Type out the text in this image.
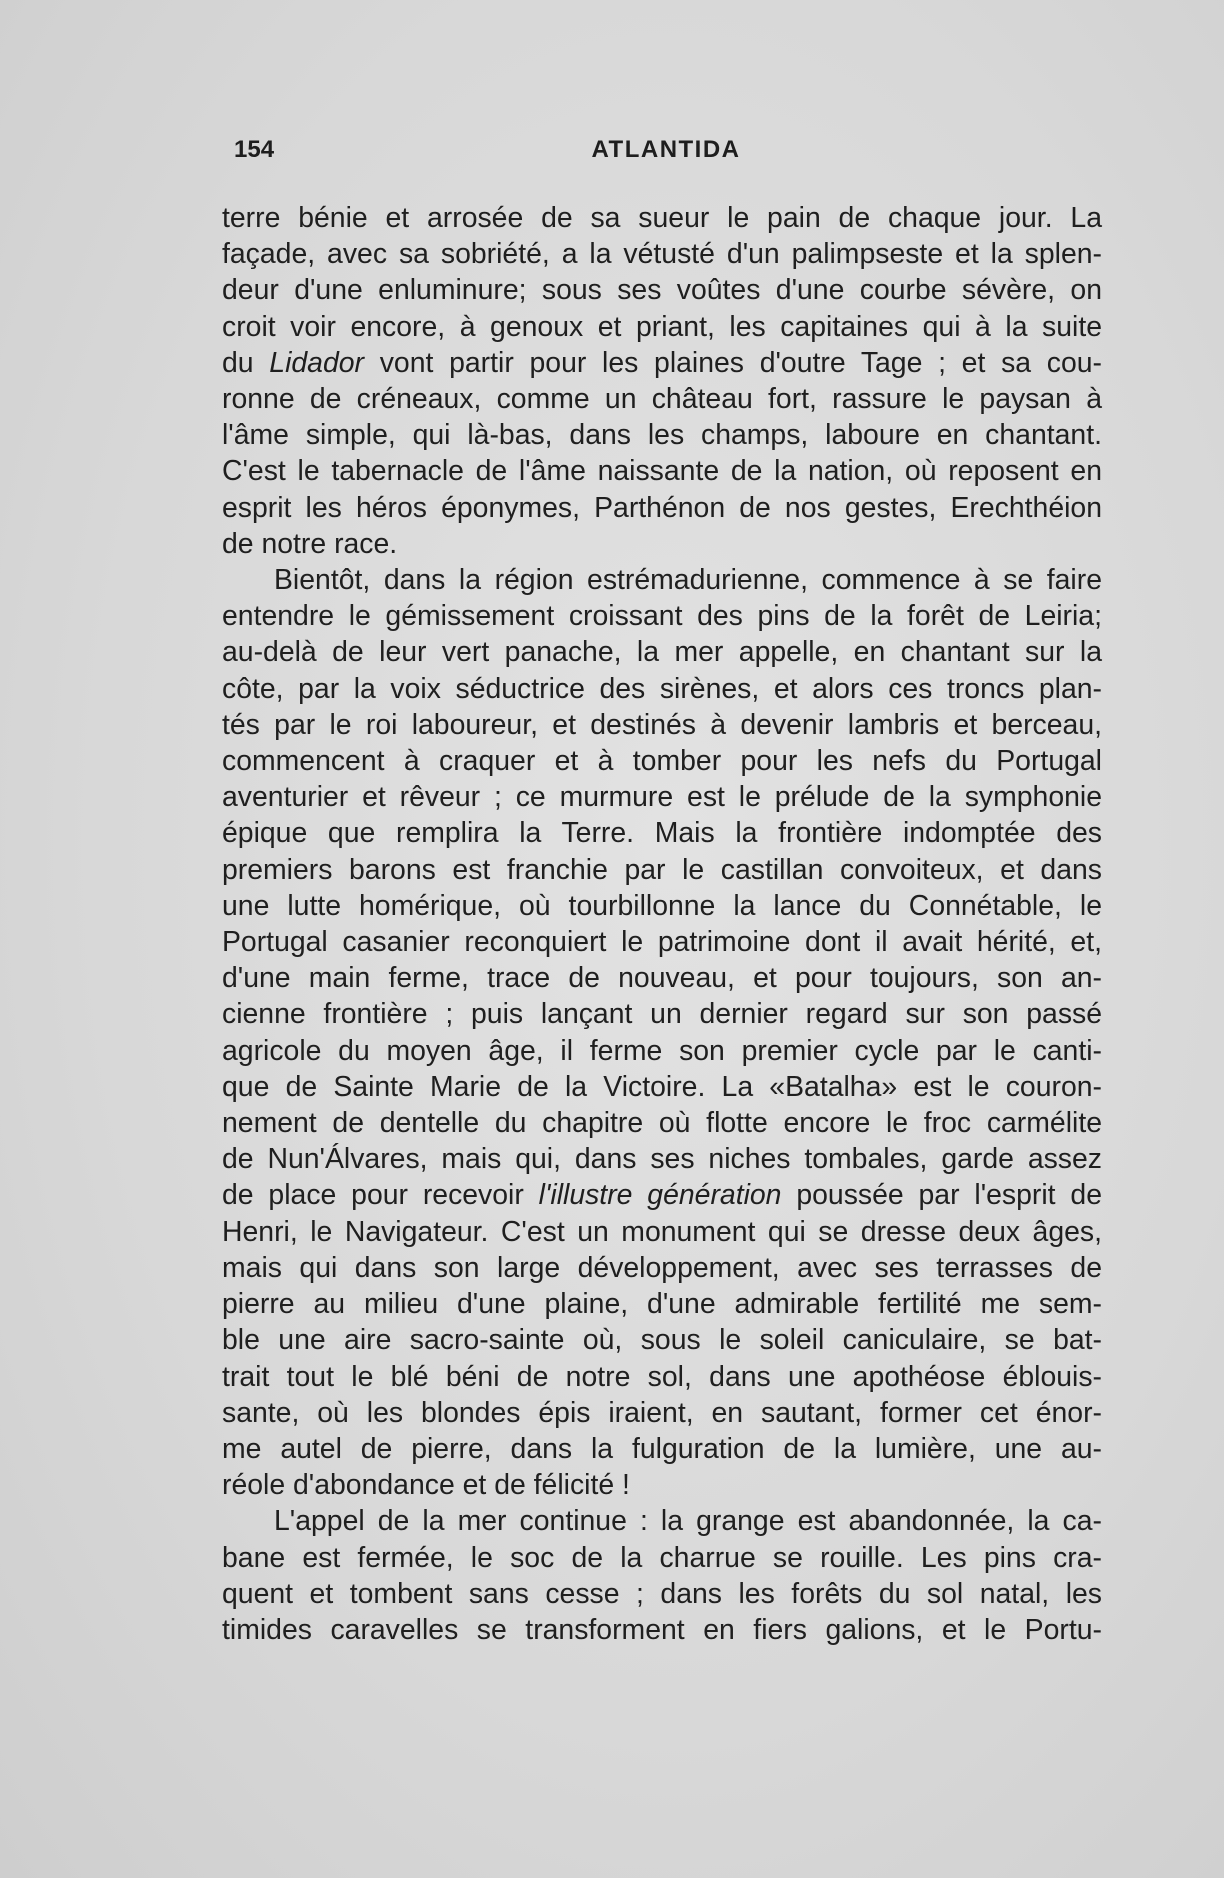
154	ATLANTIDA
terre bénie et arrosée de sa sueur le pain de chaque jour. La
façade, avec sa sobriété, a la vétusté d'un palimpseste et la splen-
deur d'une enluminure; sous ses voûtes d'une courbe sévère, on
croit voir encore, à genoux et priant, les capitaines qui à la suite
du Lidador vont partir pour les plaines d'outre Tage ; et sa cou-
ronne de créneaux, comme un château fort, rassure le paysan à
l'âme simple, qui là-bas, dans les champs, laboure en chantant.
C'est le tabernacle de l'âme naissante de la nation, où reposent en
esprit les héros éponymes, Parthénon de nos gestes, Erechthéion
de notre race.
Bientôt, dans la région estrémadurienne, commence à se faire
entendre le gémissement croissant des pins de la forêt de Leiria;
au-delà de leur vert panache, la mer appelle, en chantant sur la
côte, par la voix séductrice des sirènes, et alors ces troncs plan-
tés par le roi laboureur, et destinés à devenir lambris et berceau,
commencent à craquer et à tomber pour les nefs du Portugal
aventurier et rêveur ; ce murmure est le prélude de la symphonie
épique que remplira la Terre. Mais la frontière indomptée des
premiers barons est franchie par le castillan convoiteux, et dans
une lutte homérique, où tourbillonne la lance du Connétable, le
Portugal casanier reconquiert le patrimoine dont il avait hérité, et,
d'une main ferme, trace de nouveau, et pour toujours, son an-
cienne frontière ; puis lançant un dernier regard sur son passé
agricole du moyen âge, il ferme son premier cycle par le canti-
que de Sainte Marie de la Victoire. La «Batalha» est le couron-
nement de dentelle du chapitre où flotte encore le froc carmélite
de Nun'Álvares, mais qui, dans ses niches tombales, garde assez
de place pour recevoir l'illustre génération poussée par l'esprit de
Henri, le Navigateur. C'est un monument qui se dresse deux âges,
mais qui dans son large développement, avec ses terrasses de
pierre au milieu d'une plaine, d'une admirable fertilité me sem-
ble une aire sacro-sainte où, sous le soleil caniculaire, se bat-
trait tout le blé béni de notre sol, dans une apothéose éblouis-
sante, où les blondes épis iraient, en sautant, former cet énor-
me autel de pierre, dans la fulguration de la lumière, une au-
réole d'abondance et de félicité !
L'appel de la mer continue : la grange est abandonnée, la ca-
bane est fermée, le soc de la charrue se rouille. Les pins cra-
quent et tombent sans cesse ; dans les forêts du sol natal, les
timides caravelles se transforment en fiers galions, et le Portu-
